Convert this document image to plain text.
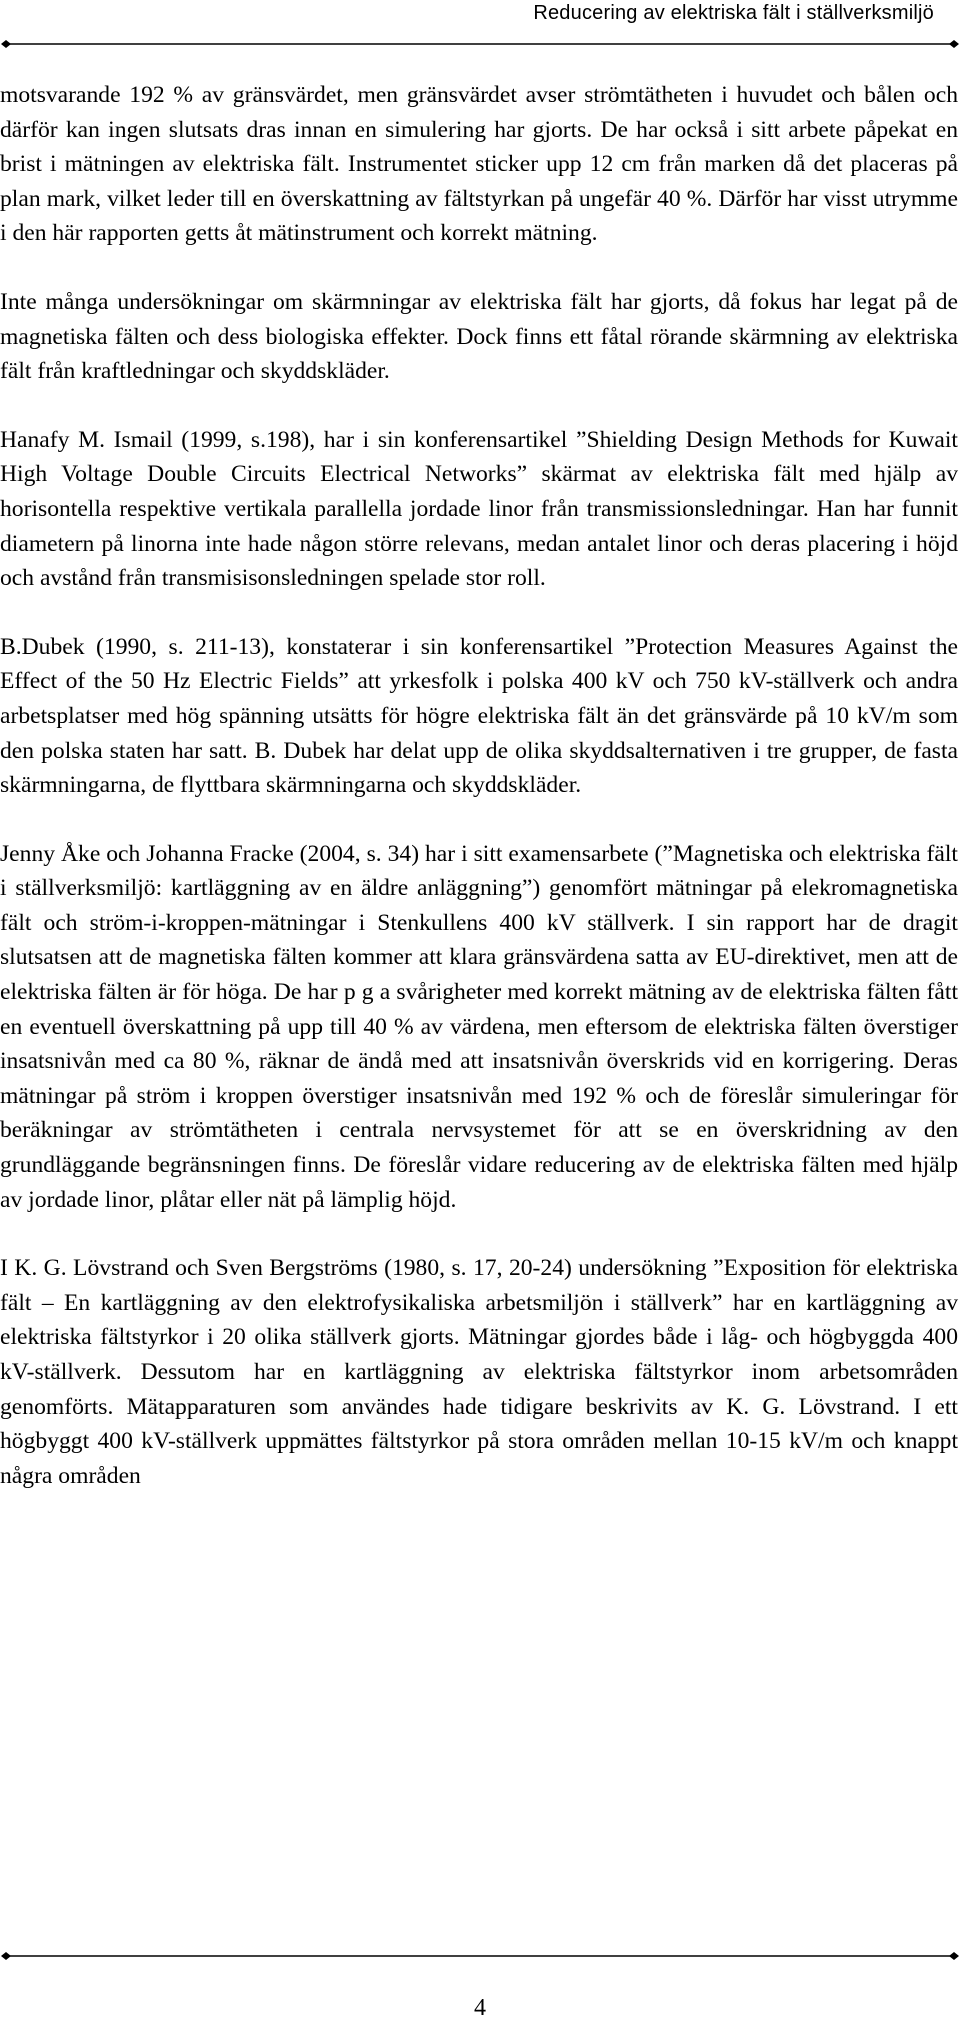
Reducering av elektriska fält i ställverksmiljö

motsvarande 192 % av gränsvärdet, men gränsvärdet avser strömtätheten i huvudet och bålen och därför kan ingen slutsats dras innan en simulering har gjorts. De har också i sitt arbete påpekat en brist i mätningen av elektriska fält. Instrumentet sticker upp 12 cm från marken då det placeras på plan mark, vilket leder till en överskattning av fältstyrkan på ungefär 40 %. Därför har visst utrymme i den här rapporten getts åt mätinstrument och korrekt mätning.

Inte många undersökningar om skärmningar av elektriska fält har gjorts, då fokus har legat på de magnetiska fälten och dess biologiska effekter. Dock finns ett fåtal rörande skärmning av elektriska fält från kraftledningar och skyddskläder.

Hanafy M. Ismail (1999, s.198), har i sin konferensartikel ”Shielding Design Methods for Kuwait High Voltage Double Circuits Electrical Networks” skärmat av elektriska fält med hjälp av horisontella respektive vertikala parallella jordade linor från transmissionsledningar. Han har funnit diametern på linorna inte hade någon större relevans, medan antalet linor och deras placering i höjd och avstånd från transmisisonsledningen spelade stor roll.

B.Dubek (1990, s. 211-13), konstaterar i sin konferensartikel ”Protection Measures Against the Effect of the 50 Hz Electric Fields” att yrkesfolk i polska 400 kV och 750 kV-ställverk och andra arbetsplatser med hög spänning utsätts för högre elektriska fält än det gränsvärde på 10 kV/m som den polska staten har satt. B. Dubek har delat upp de olika skyddsalternativen i tre grupper, de fasta skärmningarna, de flyttbara skärmningarna och skyddskläder.

Jenny Åke och Johanna Fracke (2004, s. 34) har i sitt examensarbete (”Magnetiska och elektriska fält i ställverksmiljö: kartläggning av en äldre anläggning”) genomfört mätningar på elekromagnetiska fält och ström-i-kroppen-mätningar i Stenkullens 400 kV ställverk. I sin rapport har de dragit slutsatsen att de magnetiska fälten kommer att klara gränsvärdena satta av EU-direktivet, men att de elektriska fälten är för höga. De har p g a svårigheter med korrekt mätning av de elektriska fälten fått en eventuell överskattning på upp till 40 % av värdena, men eftersom de elektriska fälten överstiger insatsnivån med ca 80 %, räknar de ändå med att insatsnivån överskrids vid en korrigering. Deras mätningar på ström i kroppen överstiger insatsnivån med 192 % och de föreslår simuleringar för beräkningar av strömtätheten i centrala nervsystemet för att se en överskridning av den grundläggande begränsningen finns. De föreslår vidare reducering av de elektriska fälten med hjälp av jordade linor, plåtar eller nät på lämplig höjd.

I K. G. Lövstrand och Sven Bergströms (1980, s. 17, 20-24) undersökning ”Exposition för elektriska fält – En kartläggning av den elektrofysikaliska arbetsmiljön i ställverk” har en kartläggning av elektriska fältstyrkor i 20 olika ställverk gjorts. Mätningar gjordes både i låg- och högbyggda 400 kV-ställverk. Dessutom har en kartläggning av elektriska fältstyrkor inom arbetsområden genomförts. Mätapparaturen som användes hade tidigare beskrivits av K. G. Lövstrand. I ett högbyggt 400 kV-ställverk uppmättes fältstyrkor på stora områden mellan 10-15 kV/m och knappt några områden

4
